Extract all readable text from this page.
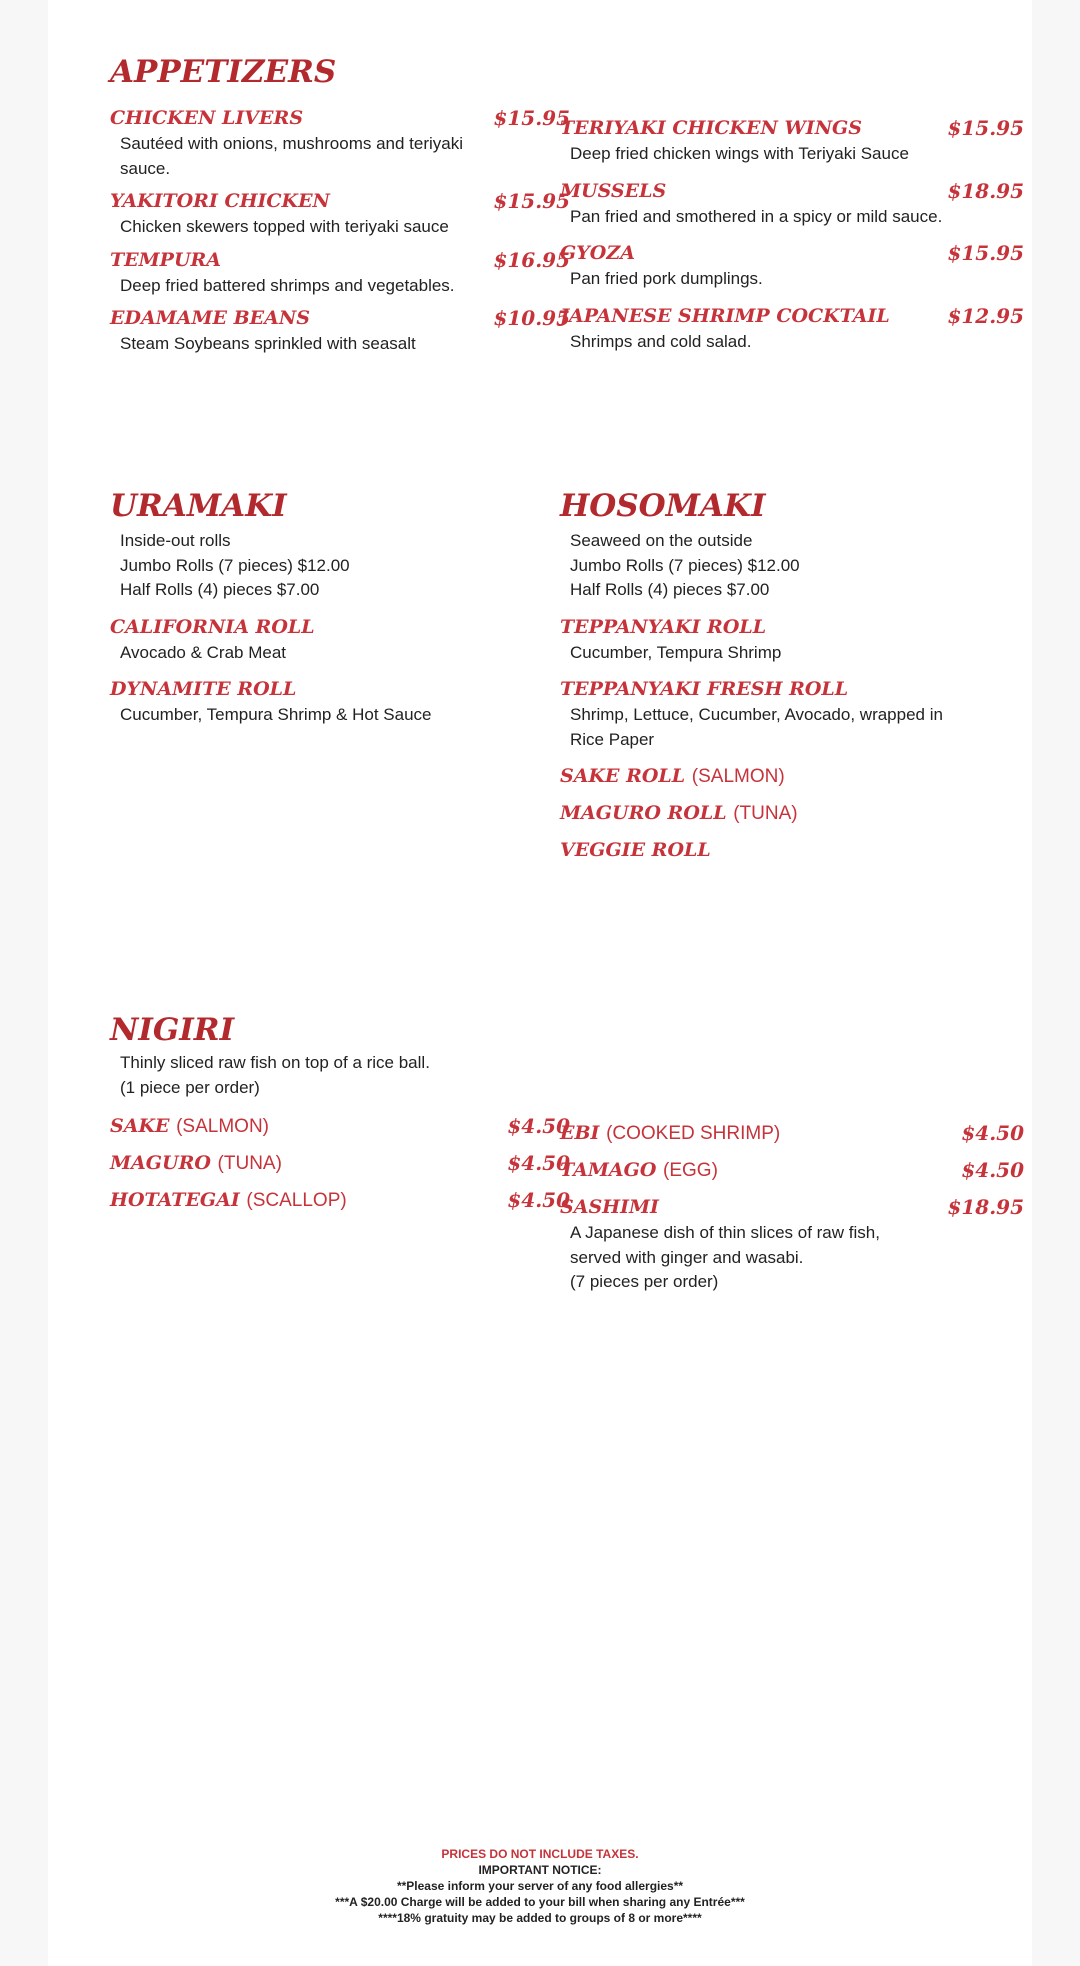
APPETIZERS
CHICKEN LIVERS	$15.95

Sautéed with onions, mushrooms and teriyaki sauce.

YAKITORI CHICKEN	$15.95

Chicken skewers topped with teriyaki sauce

TEMPURA	$16.95

Deep fried battered shrimps and vegetables.

EDAMAME BEANS	$10.95

Steam Soybeans sprinkled with seasalt

TERIYAKI CHICKEN WINGS	$15.95

Deep fried chicken wings with Teriyaki Sauce

MUSSELS	$18.95

Pan fried and smothered in a spicy or mild sauce.

GYOZA	$15.95

Pan fried pork dumplings.

JAPANESE SHRIMP COCKTAIL	$12.95

Shrimps and cold salad.

URAMAKI
Inside-out rolls
Jumbo Rolls (7 pieces) $12.00
Half Rolls (4) pieces $7.00
CALIFORNIA ROLL

Avocado & Crab Meat

DYNAMITE ROLL

Cucumber, Tempura Shrimp & Hot Sauce

HOSOMAKI
Seaweed on the outside
Jumbo Rolls (7 pieces) $12.00
Half Rolls (4) pieces $7.00
TEPPANYAKI ROLL

Cucumber, Tempura Shrimp

TEPPANYAKI FRESH ROLL

Shrimp, Lettuce, Cucumber, Avocado, wrapped in Rice Paper

SAKE ROLL (SALMON)
MAGURO ROLL (TUNA)
VEGGIE ROLL
NIGIRI
Thinly sliced raw fish on top of a rice ball.
(1 piece per order)
SAKE (SALMON)	$4.50
MAGURO (TUNA)	$4.50
HOTATEGAI (SCALLOP)	$4.50
EBI (COOKED SHRIMP)	$4.50
TAMAGO (EGG)	$4.50
SASHIMI	$18.95
A Japanese dish of thin slices of raw fish,
served with ginger and wasabi.
(7 pieces per order)
PRICES DO NOT INCLUDE TAXES.
IMPORTANT NOTICE:
**Please inform your server of any food allergies**
***A $20.00 Charge will be added to your bill when sharing any Entrée***
****18% gratuity may be added to groups of 8 or more****
